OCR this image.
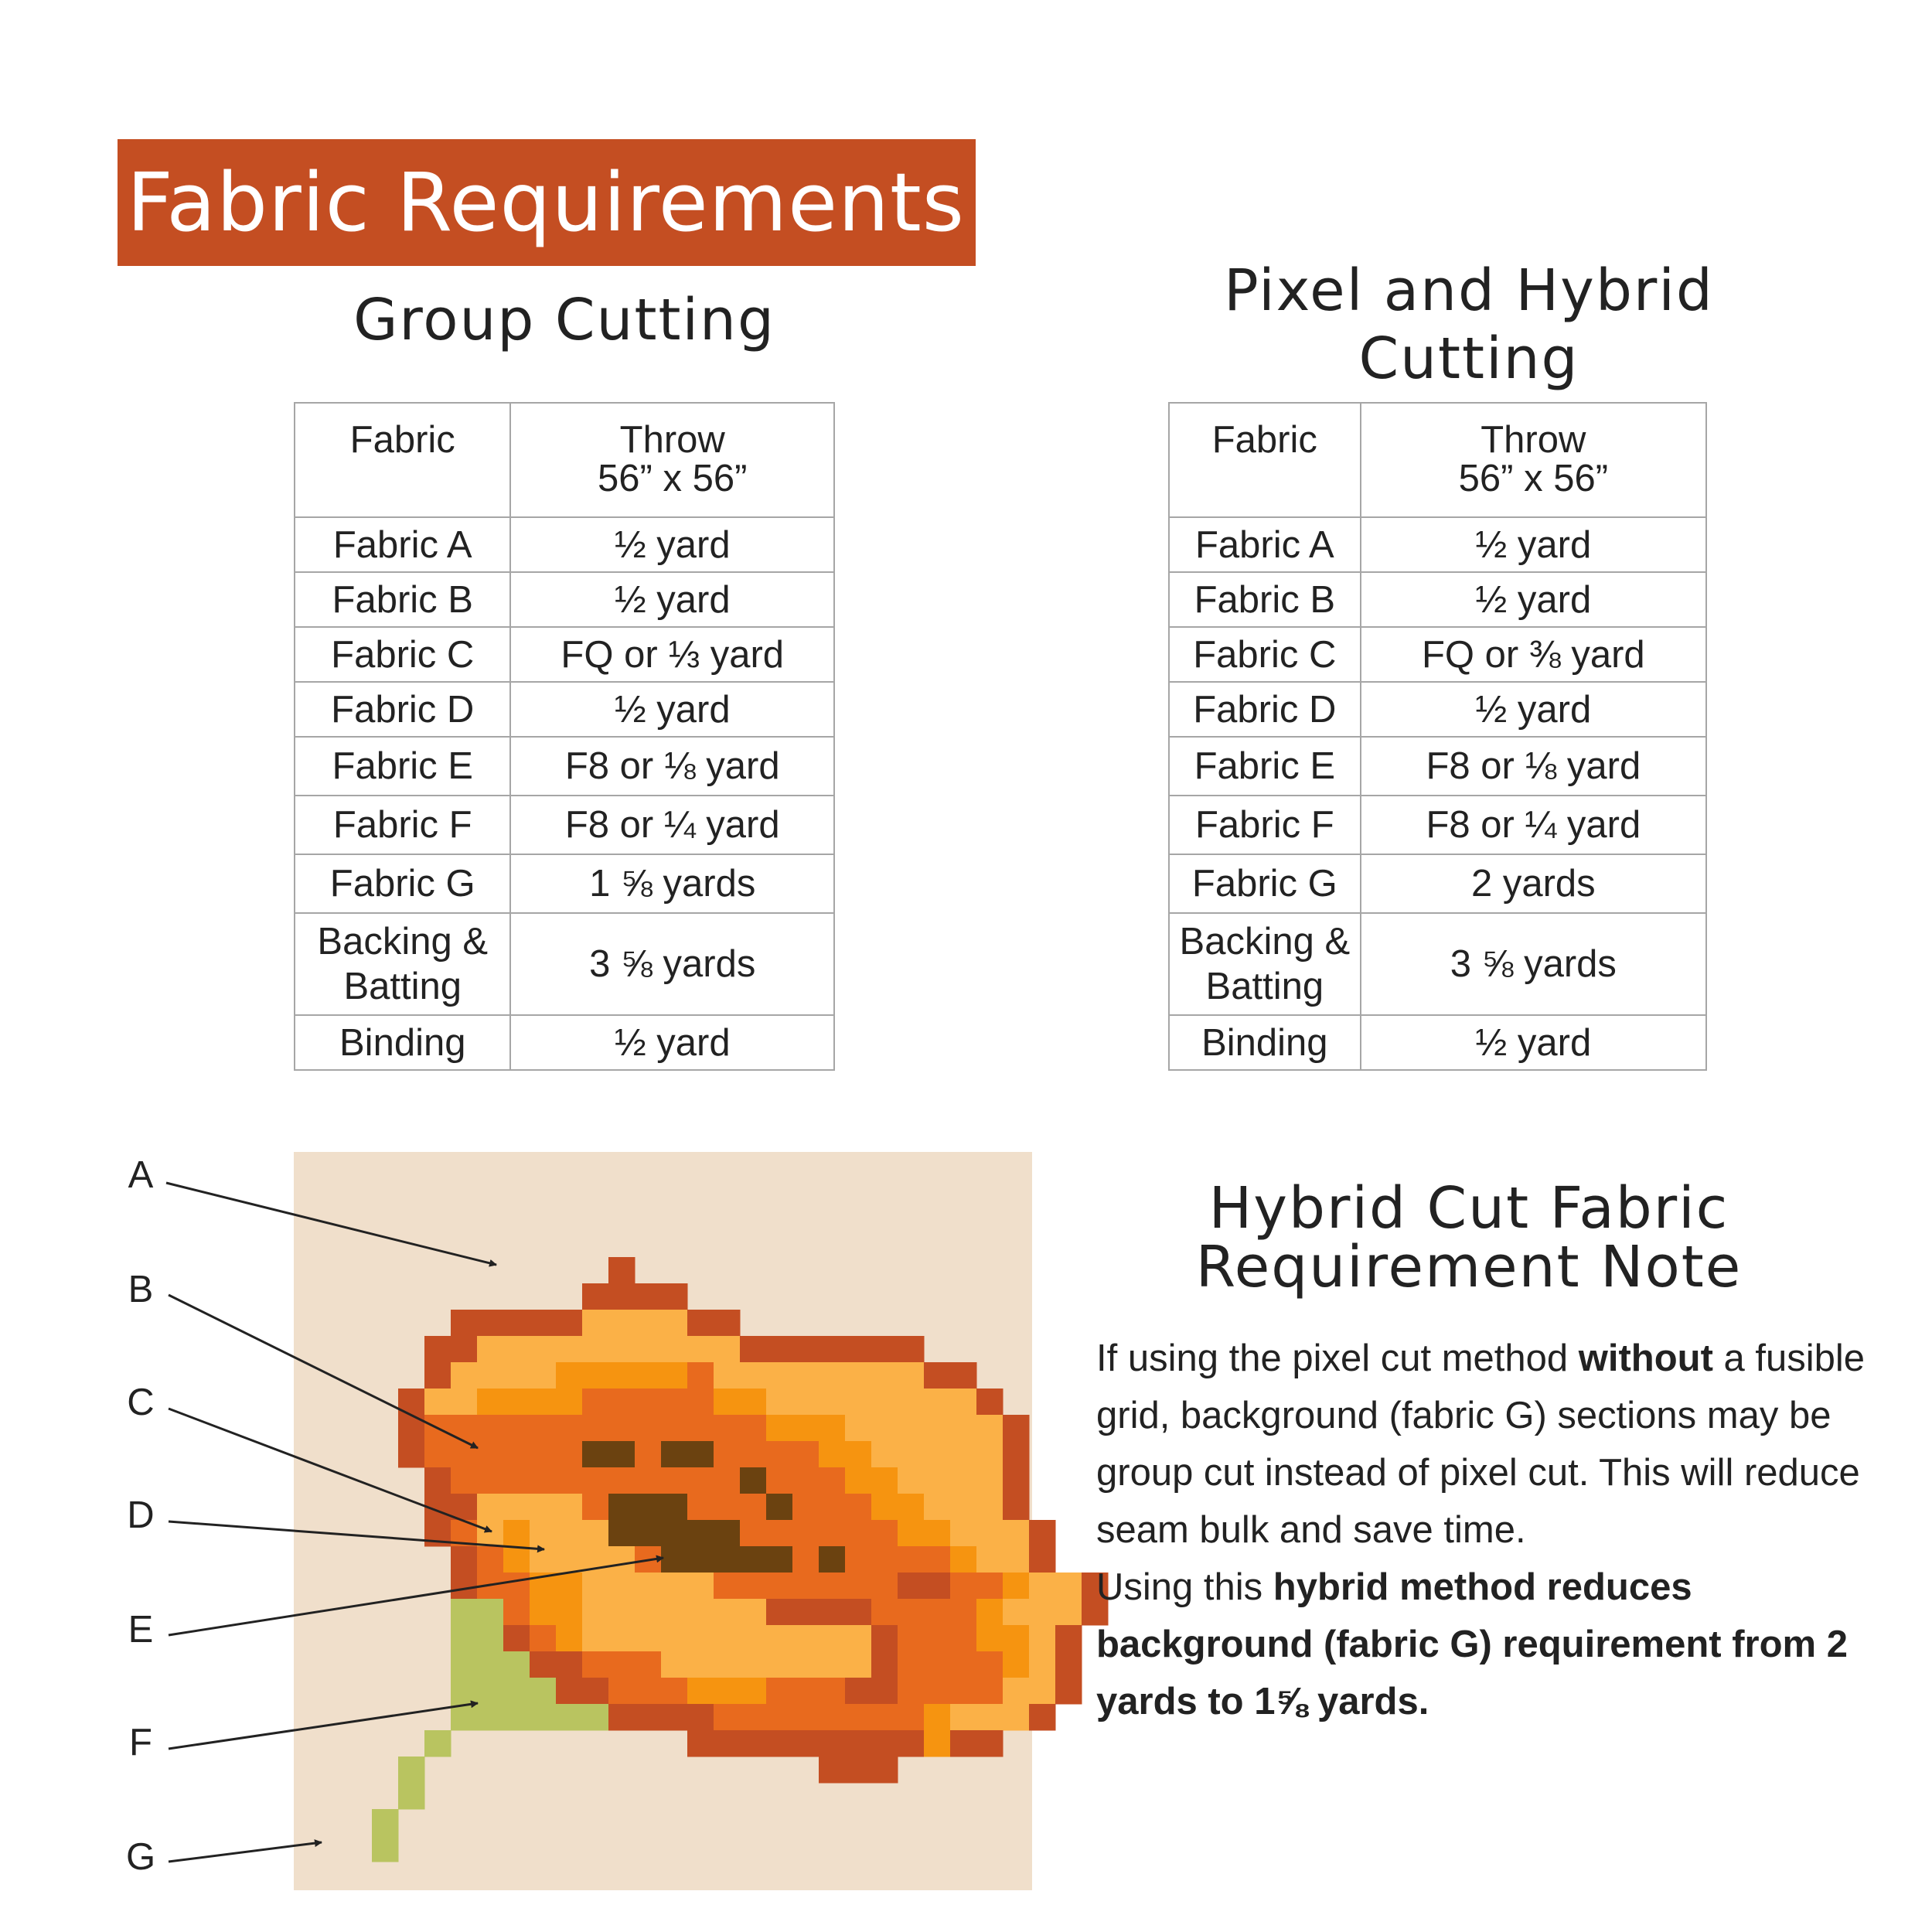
Fabric Requirements
Group Cutting	Pixel and Hybrid
Cutting
Fabric	Throw
56” x 56”

Fabric A	½ yard
Fabric B	½ yard
Fabric C	FQ or ⅓ yard
Fabric D	½ yard
Fabric E	F8 or ⅛ yard
Fabric F	F8 or ¼ yard
Fabric G	1 ⅝ yards
Backing & Batting	3 ⅝ yards
Binding	½ yard
Fabric	Throw
56” x 56”

Fabric A	½ yard
Fabric B	½ yard
Fabric C	FQ or ⅜ yard
Fabric D	½ yard
Fabric E	F8 or ⅛ yard
Fabric F	F8 or ¼ yard
Fabric G	2 yards
Backing & Batting	3 ⅝ yards
Binding	½ yard
A
B
C
D
E
F
G
Hybrid Cut Fabric
Requirement Note

If using the pixel cut method without a fusible grid, background (fabric G) sections may be group cut instead of pixel cut. This will reduce seam bulk and save time.

Using this hybrid method reduces background (fabric G) requirement from 2 yards to 1⅝ yards.
